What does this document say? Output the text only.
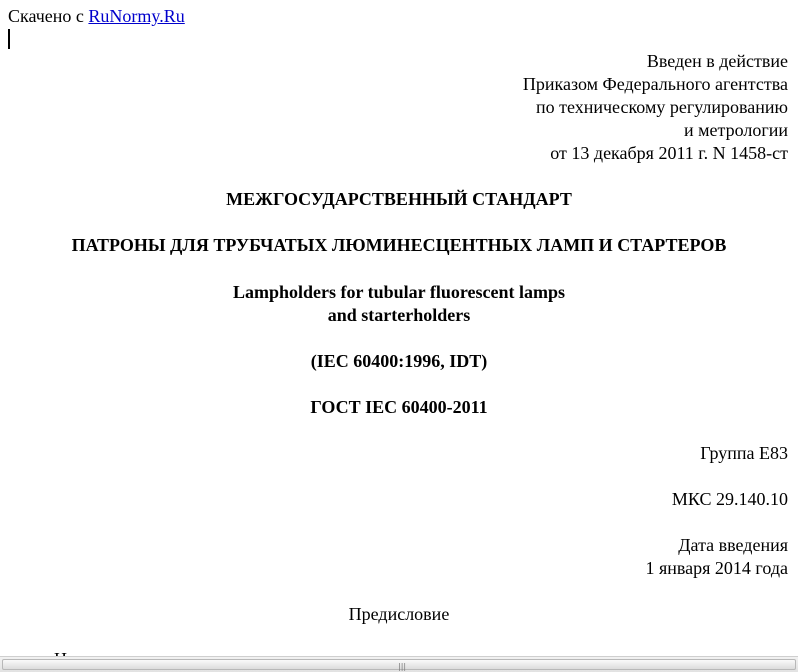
Скачено с RuNormy.Ru
Введен в действие
Приказом Федерального агентства
по техническому регулированию
и метрологии
от 13 декабря 2011 г. N 1458-ст
МЕЖГОСУДАРСТВЕННЫЙ СТАНДАРТ
ПАТРОНЫ ДЛЯ ТРУБЧАТЫХ ЛЮМИНЕСЦЕНТНЫХ ЛАМП И СТАРТЕРОВ
Lampholders for tubular fluorescent lamps
and starterholders
(IEC 60400:1996, IDT)
ГОСТ IEC 60400-2011
Группа Е83
МКС 29.140.10
Дата введения
1 января 2014 года
Предисловие
|||
